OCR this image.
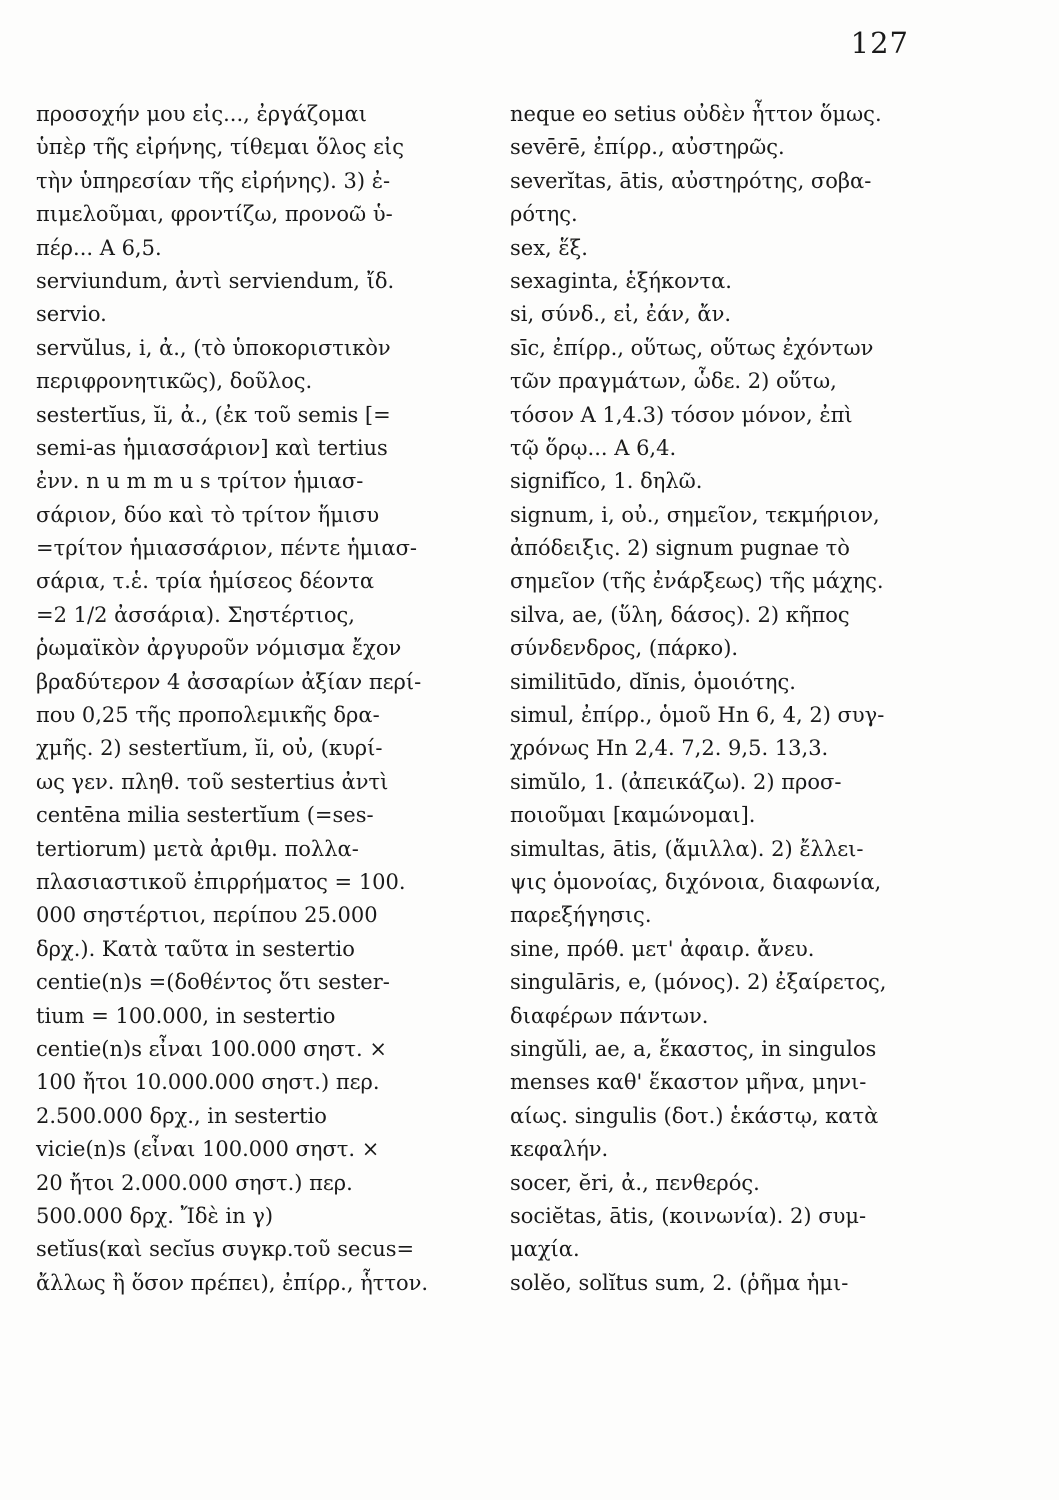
127
προσοχήν μου εἰς..., ἐργάζομαι
ὑπὲρ τῆς εἰρήνης, τίθεμαι ὅλος εἰς
τὴν ὑπηρεσίαν τῆς εἰρήνης). 3) ἐ-
πιμελοῦμαι, φροντίζω, προνοῶ ὑ-
πέρ... Α 6,5.
serviundum, ἀντὶ serviendum, ἴδ.
servio.
servŭlus, i, ἀ., (τὸ ὑποκοριστικὸν
περιφρονητικῶς), δοῦλος.
sestertĭus, ĭi, ἀ., (ἐκ τοῦ semis [=
semi-as ἡμιασσάριον] καὶ tertius
ἐνν. n u m m u s τρίτον ἡμιασ-
σάριον, δύο καὶ τὸ τρίτον ἥμισυ
=τρίτον ἡμιασσάριον, πέντε ἡμιασ-
σάρια, τ.ἑ. τρία ἡμίσεος δέοντα
=2 1/2 ἀσσάρια). Σηστέρτιος,
ῥωμαϊκὸν ἀργυροῦν νόμισμα ἔχον
βραδύτερον 4 ἀσσαρίων ἀξίαν περί-
που 0,25 τῆς προπολεμικῆς δρα-
χμῆς. 2) sestertĭum, ĭi, οὐ, (κυρί-
ως γεν. πληθ. τοῦ sestertius ἀντὶ
centēna milia sestertĭum (=ses-
tertiorum) μετὰ ἀριθμ. πολλα-
πλασιαστικοῦ ἐπιρρήματος = 100.
000 σηστέρτιοι, περίπου 25.000
δρχ.). Κατὰ ταῦτα in sestertio
centie(n)s =(δοθέντος ὅτι sester-
tium = 100.000, in sestertio
centie(n)s εἶναι 100.000 σηστ. ×
100 ἤτοι 10.000.000 σηστ.) περ.
2.500.000 δρχ., in sestertio
vicie(n)s (εἶναι 100.000 σηστ. ×
20 ἤτοι 2.000.000 σηστ.) περ.
500.000 δρχ. Ἴδὲ in γ)
setĭus(καὶ secĭus συγκρ.τοῦ secus=
ἄλλως ἢ ὅσον πρέπει), ἐπίρρ., ἧττον.
neque eo setius οὐδὲν ἧττον ὅμως.
sevērē, ἐπίρρ., αὐστηρῶς.
severĭtas, ātis, αὐστηρότης, σοβα-
ρότης.
sex, ἕξ.
sexaginta, ἑξήκοντα.
si, σύνδ., εἰ, ἐάν, ἄν.
sīc, ἐπίρρ., οὕτως, οὕτως ἐχόντων
τῶν πραγμάτων, ὧδε. 2) οὕτω,
τόσον Α 1,4.3) τόσον μόνον, ἐπὶ
τῷ ὅρῳ... Α 6,4.
signifĭco, 1. δηλῶ.
signum, i, οὐ., σημεῖον, τεκμήριον,
ἀπόδειξις. 2) signum pugnae τὸ
σημεῖον (τῆς ἐνάρξεως) τῆς μάχης.
silva, ae, (ὕλη, δάσος). 2) κῆπος
σύνδενδρος, (πάρκο).
similitūdo, dĭnis, ὁμοιότης.
simul, ἐπίρρ., ὁμοῦ Hn 6, 4, 2) συγ-
χρόνως Hn 2,4. 7,2. 9,5. 13,3.
simŭlo, 1. (ἀπεικάζω). 2) προσ-
ποιοῦμαι [καμώνομαι].
simultas, ātis, (ἅμιλλα). 2) ἔλλει-
ψις ὁμονοίας, διχόνοια, διαφωνία,
παρεξήγησις.
sine, πρόθ. μετ' ἀφαιρ. ἄνευ.
singulāris, e, (μόνος). 2) ἐξαίρετος,
διαφέρων πάντων.
singŭli, ae, a, ἕκαστος, in singulos
menses καθ' ἕκαστον μῆνα, μηνι-
αίως. singulis (δοτ.) ἑκάστῳ, κατὰ
κεφαλήν.
socer, ĕri, ἀ., πενθερός.
sociĕtas, ātis, (κοινωνία). 2) συμ-
μαχία.
solĕo, solĭtus sum, 2. (ῥῆμα ἡμι-
